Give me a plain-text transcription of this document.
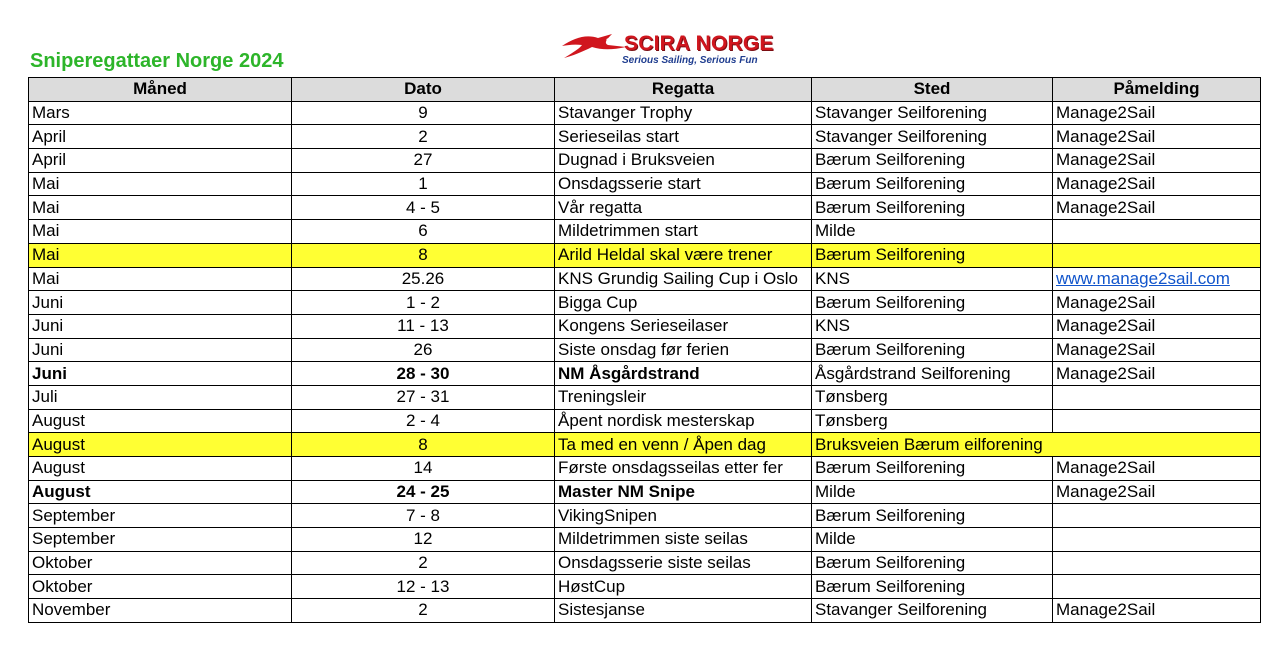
Sniperegattaer Norge 2024
SCIRA NORGE
Serious Sailing, Serious Fun
Måned	Dato	Regatta	Sted	Påmelding
Mars	9	Stavanger Trophy	Stavanger Seilforening	Manage2Sail
April	2	Serieseilas start	Stavanger Seilforening	Manage2Sail
April	27	Dugnad i Bruksveien	Bærum Seilforening	Manage2Sail
Mai	1	Onsdagsserie start	Bærum Seilforening	Manage2Sail
Mai	4 - 5	Vår regatta	Bærum Seilforening	Manage2Sail
Mai	6	Mildetrimmen start	Milde	
Mai	8	Arild Heldal skal være trener	Bærum Seilforening	
Mai	25.26	KNS Grundig Sailing Cup i Oslo	KNS	www.manage2sail.com
Juni	1 - 2	Bigga Cup	Bærum Seilforening	Manage2Sail
Juni	11 - 13	Kongens Serieseilaser	KNS	Manage2Sail
Juni	26	Siste onsdag før ferien	Bærum Seilforening	Manage2Sail
Juni	28 - 30	NM Åsgårdstrand	Åsgårdstrand Seilforening	Manage2Sail
Juli	27 - 31	Treningsleir	Tønsberg	
August	2 - 4	Åpent nordisk mesterskap	Tønsberg	
August	8	Ta med en venn / Åpen dag	Bruksveien Bærum eilforening	
August	14	Første onsdagsseilas etter fer	Bærum Seilforening	Manage2Sail
August	24 - 25	Master NM Snipe	Milde	Manage2Sail
September	7 - 8	VikingSnipen	Bærum Seilforening	
September	12	Mildetrimmen siste seilas	Milde	
Oktober	2	Onsdagsserie siste seilas	Bærum Seilforening	
Oktober	12 - 13	HøstCup	Bærum Seilforening	
November	2	Sistesjanse	Stavanger Seilforening	Manage2Sail
